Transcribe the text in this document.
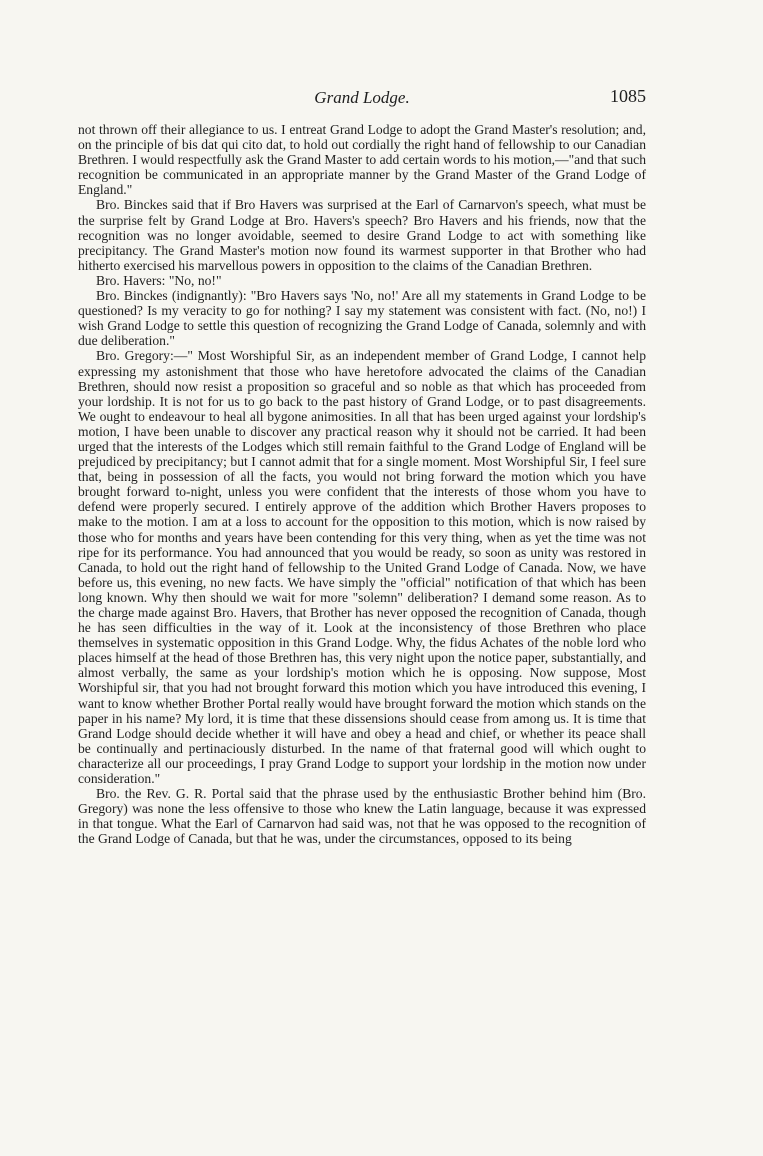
Grand Lodge.	1085

not thrown off their allegiance to us. I entreat Grand Lodge to adopt the Grand Master's resolution; and, on the principle of bis dat qui cito dat, to hold out cordially the right hand of fellowship to our Canadian Brethren. I would respectfully ask the Grand Master to add certain words to his motion,—"and that such recognition be communicated in an appropriate manner by the Grand Master of the Grand Lodge of England."

Bro. Binckes said that if Bro Havers was surprised at the Earl of Carnarvon's speech, what must be the surprise felt by Grand Lodge at Bro. Havers's speech? Bro Havers and his friends, now that the recognition was no longer avoidable, seemed to desire Grand Lodge to act with something like precipitancy. The Grand Master's motion now found its warmest supporter in that Brother who had hitherto exercised his marvellous powers in opposition to the claims of the Canadian Brethren.

Bro. Havers: "No, no!"

Bro. Binckes (indignantly): "Bro Havers says 'No, no!' Are all my statements in Grand Lodge to be questioned? Is my veracity to go for nothing? I say my statement was consistent with fact. (No, no!) I wish Grand Lodge to settle this question of recognizing the Grand Lodge of Canada, solemnly and with due deliberation."

Bro. Gregory:—" Most Worshipful Sir, as an independent member of Grand Lodge, I cannot help expressing my astonishment that those who have heretofore advocated the claims of the Canadian Brethren, should now resist a proposition so graceful and so noble as that which has proceeded from your lordship. It is not for us to go back to the past history of Grand Lodge, or to past disagreements. We ought to endeavour to heal all bygone animosities. In all that has been urged against your lordship's motion, I have been unable to discover any practical reason why it should not be carried. It had been urged that the interests of the Lodges which still remain faithful to the Grand Lodge of England will be prejudiced by precipitancy; but I cannot admit that for a single moment. Most Worshipful Sir, I feel sure that, being in possession of all the facts, you would not bring forward the motion which you have brought forward to-night, unless you were confident that the interests of those whom you have to defend were properly secured. I entirely approve of the addition which Brother Havers proposes to make to the motion. I am at a loss to account for the opposition to this motion, which is now raised by those who for months and years have been contending for this very thing, when as yet the time was not ripe for its performance. You had announced that you would be ready, so soon as unity was restored in Canada, to hold out the right hand of fellowship to the United Grand Lodge of Canada. Now, we have before us, this evening, no new facts. We have simply the "official" notification of that which has been long known. Why then should we wait for more "solemn" deliberation? I demand some reason. As to the charge made against Bro. Havers, that Brother has never opposed the recognition of Canada, though he has seen difficulties in the way of it. Look at the inconsistency of those Brethren who place themselves in systematic opposition in this Grand Lodge. Why, the fidus Achates of the noble lord who places himself at the head of those Brethren has, this very night upon the notice paper, substantially, and almost verbally, the same as your lordship's motion which he is opposing. Now suppose, Most Worshipful sir, that you had not brought forward this motion which you have introduced this evening, I want to know whether Brother Portal really would have brought forward the motion which stands on the paper in his name? My lord, it is time that these dissensions should cease from among us. It is time that Grand Lodge should decide whether it will have and obey a head and chief, or whether its peace shall be continually and pertinaciously disturbed. In the name of that fraternal good will which ought to characterize all our proceedings, I pray Grand Lodge to support your lordship in the motion now under consideration."

Bro. the Rev. G. R. Portal said that the phrase used by the enthusiastic Brother behind him (Bro. Gregory) was none the less offensive to those who knew the Latin language, because it was expressed in that tongue. What the Earl of Carnarvon had said was, not that he was opposed to the recognition of the Grand Lodge of Canada, but that he was, under the circumstances, opposed to its being
